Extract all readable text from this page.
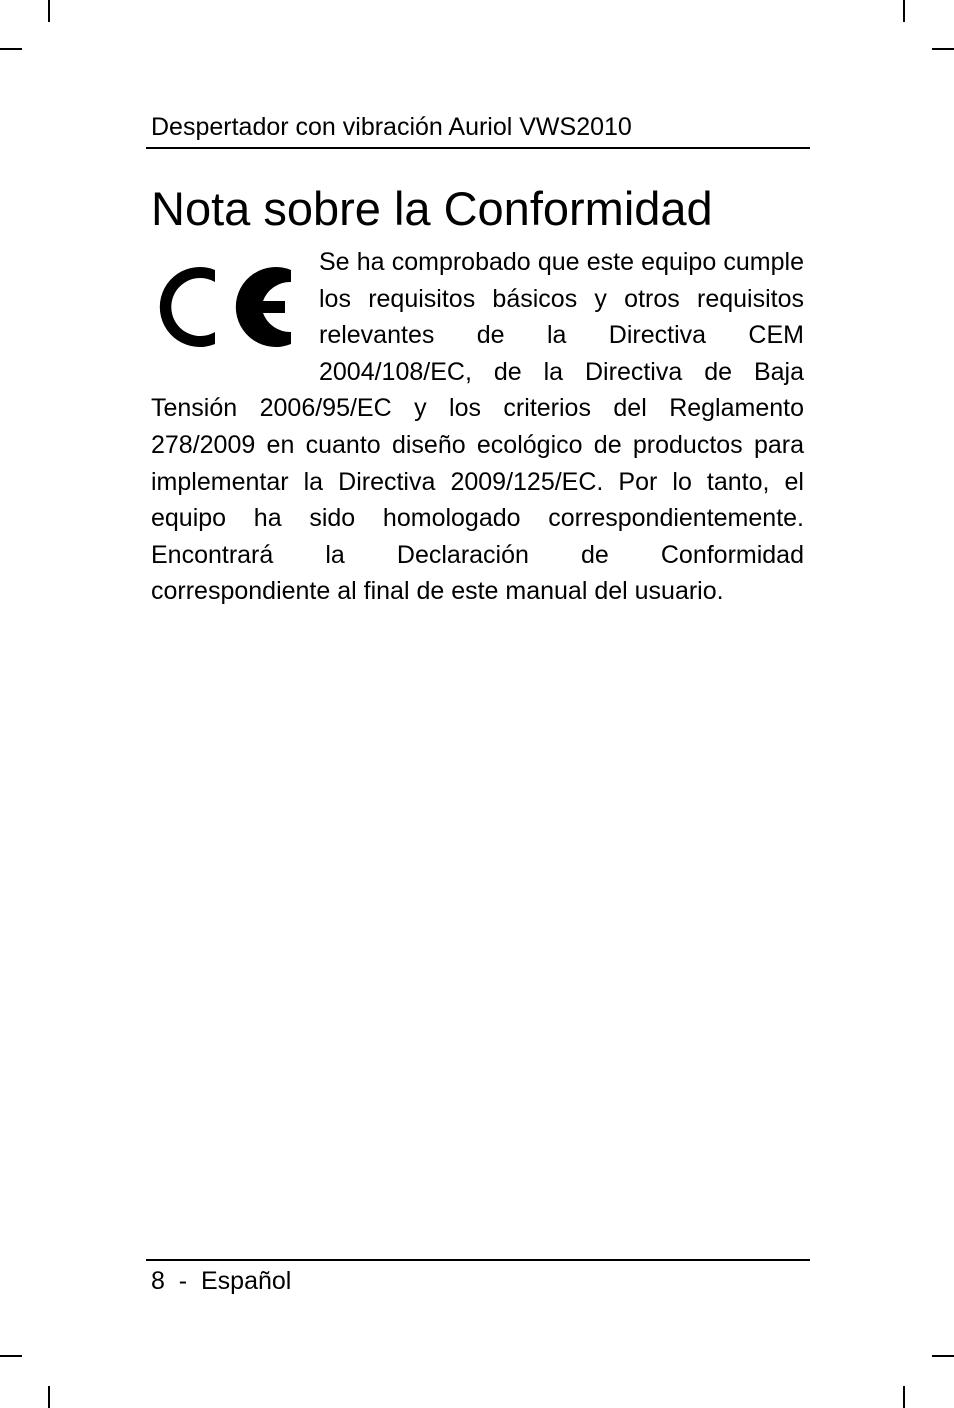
Despertador con vibración Auriol VWS2010
Nota sobre la Conformidad
Se ha comprobado que este equipo cumple los requisitos básicos y otros requisitos relevantes de la Directiva CEM 2004/108/EC, de la Directiva de Baja Tensión 2006/95/EC y los criterios del Reglamento 278/2009 en cuanto diseño ecológico de productos para implementar la Directiva 2009/125/EC. Por lo tanto, el equipo ha sido homologado correspondientemente. Encontrará la Declaración de Conformidad correspondiente al final de este manual del usuario.
8  -  Español
